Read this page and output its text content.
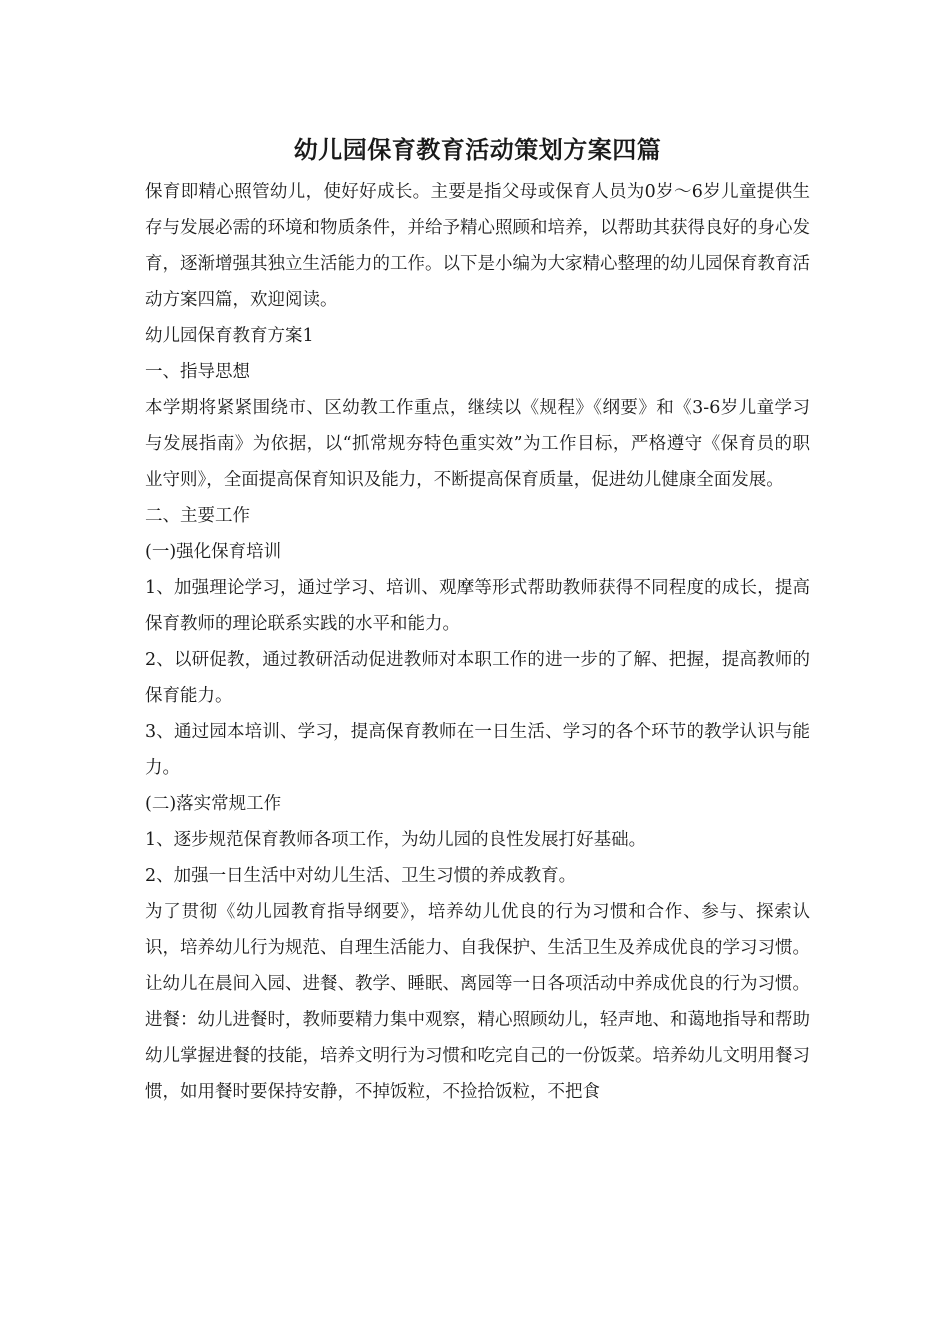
幼儿园保育教育活动策划方案四篇

保育即精心照管幼儿，使好好成长。主要是指父母或保育人员为0岁～6岁儿童提供生存与发展必需的环境和物质条件，并给予精心照顾和培养，以帮助其获得良好的身心发育，逐渐增强其独立生活能力的工作。以下是小编为大家精心整理的幼儿园保育教育活动方案四篇，欢迎阅读。

幼儿园保育教育方案1

一、指导思想

本学期将紧紧围绕市、区幼教工作重点，继续以《规程》《纲要》和《3-6岁儿童学习与发展指南》为依据，以“抓常规夯特色重实效”为工作目标，严格遵守《保育员的职业守则》，全面提高保育知识及能力，不断提高保育质量，促进幼儿健康全面发展。

二、主要工作

(一)强化保育培训

1、加强理论学习，通过学习、培训、观摩等形式帮助教师获得不同程度的成长，提高保育教师的理论联系实践的水平和能力。

2、以研促教，通过教研活动促进教师对本职工作的进一步的了解、把握，提高教师的保育能力。

3、通过园本培训、学习，提高保育教师在一日生活、学习的各个环节的教学认识与能力。

(二)落实常规工作

1、逐步规范保育教师各项工作，为幼儿园的良性发展打好基础。

2、加强一日生活中对幼儿生活、卫生习惯的养成教育。

为了贯彻《幼儿园教育指导纲要》，培养幼儿优良的行为习惯和合作、参与、探索认识，培养幼儿行为规范、自理生活能力、自我保护、生活卫生及养成优良的学习习惯。让幼儿在晨间入园、进餐、教学、睡眠、离园等一日各项活动中养成优良的行为习惯。

进餐：幼儿进餐时，教师要精力集中观察，精心照顾幼儿，轻声地、和蔼地指导和帮助幼儿掌握进餐的技能，培养文明行为习惯和吃完自己的一份饭菜。培养幼儿文明用餐习惯，如用餐时要保持安静，不掉饭粒，不捡拾饭粒，不把食
